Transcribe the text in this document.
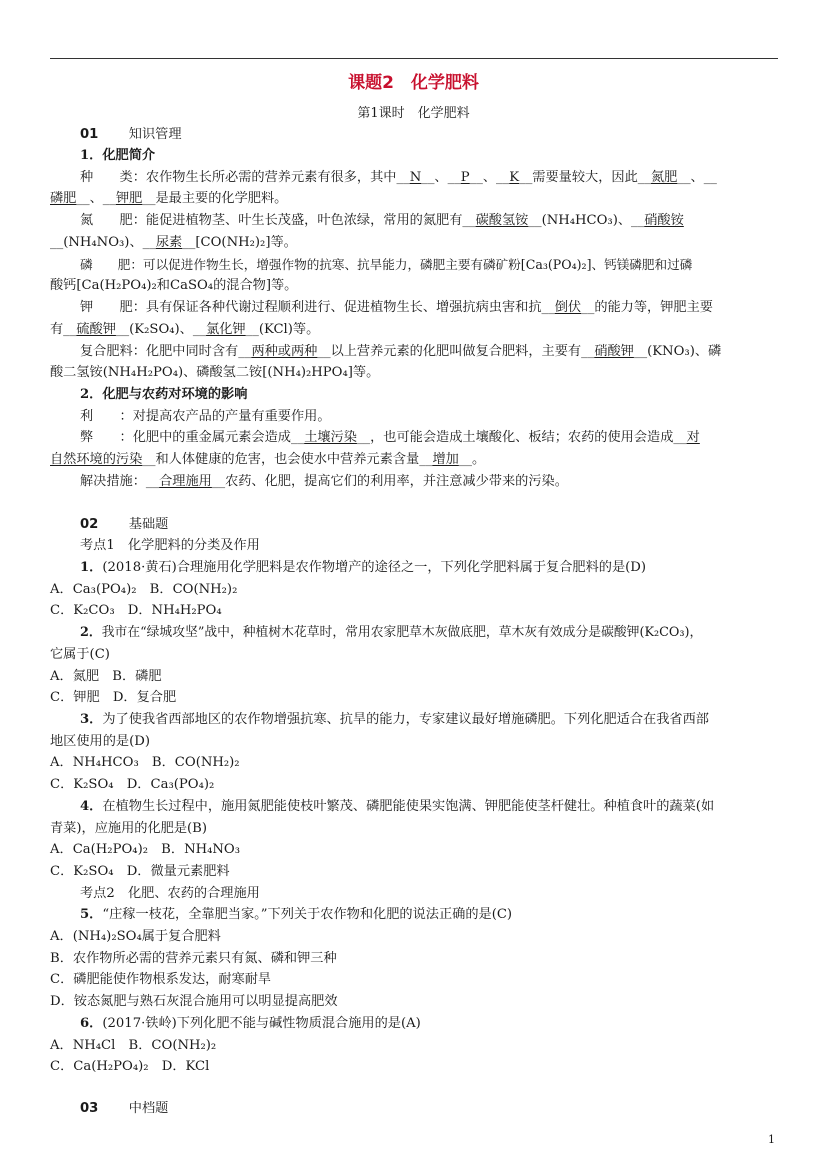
课题2　化学肥料
第1课时　化学肥料
01 知识管理
1．化肥简介
种　　类：农作物生长所必需的营养元素有很多，其中__N__、__P__、__K__需要量较大，因此__氮肥__、__
磷肥__、__钾肥__是最主要的化学肥料。
氮　　肥：能促进植物茎、叶生长茂盛，叶色浓绿，常用的氮肥有__碳酸氢铵__(NH₄HCO₃)、__硝酸铵
__(NH₄NO₃)、__尿素__[CO(NH₂)₂]等。
磷　　肥：可以促进作物生长，增强作物的抗寒、抗旱能力，磷肥主要有磷矿粉[Ca₃(PO₄)₂]、钙镁磷肥和过磷
酸钙[Ca(H₂PO₄)₂和CaSO₄的混合物]等。
钾　　肥：具有保证各种代谢过程顺利进行、促进植物生长、增强抗病虫害和抗__倒伏__的能力等，钾肥主要
有__硫酸钾__(K₂SO₄)、__氯化钾__(KCl)等。
复合肥料：化肥中同时含有__两种或两种__以上营养元素的化肥叫做复合肥料，主要有__硝酸钾__(KNO₃)、磷
酸二氢铵(NH₄H₂PO₄)、磷酸氢二铵[(NH₄)₂HPO₄]等。
2．化肥与农药对环境的影响
利　　：对提高农产品的产量有重要作用。
弊　　：化肥中的重金属元素会造成__土壤污染__，也可能会造成土壤酸化、板结；农药的使用会造成__对
自然环境的污染__和人体健康的危害，也会使水中营养元素含量__增加__。
解决措施：__合理施用__农药、化肥，提高它们的利用率，并注意减少带来的污染。
02 基础题
考点1　化学肥料的分类及作用
1．(2018·黄石)合理施用化学肥料是农作物增产的途径之一，下列化学肥料属于复合肥料的是(D)
A．Ca₃(PO₄)₂　B．CO(NH₂)₂
C．K₂CO₃　D．NH₄H₂PO₄
2．我市在“绿城攻坚”战中，种植树木花草时，常用农家肥草木灰做底肥，草木灰有效成分是碳酸钾(K₂CO₃)，
它属于(C)
A．氮肥　B．磷肥
C．钾肥　D．复合肥
3．为了使我省西部地区的农作物增强抗寒、抗旱的能力，专家建议最好增施磷肥。下列化肥适合在我省西部
地区使用的是(D)
A．NH₄HCO₃　B．CO(NH₂)₂
C．K₂SO₄　D．Ca₃(PO₄)₂
4．在植物生长过程中，施用氮肥能使枝叶繁茂、磷肥能使果实饱满、钾肥能使茎杆健壮。种植食叶的蔬菜(如
青菜)，应施用的化肥是(B)
A．Ca(H₂PO₄)₂　B．NH₄NO₃
C．K₂SO₄　D．微量元素肥料
考点2　化肥、农药的合理施用
5．“庄稼一枝花，全靠肥当家。”下列关于农作物和化肥的说法正确的是(C)
A．(NH₄)₂SO₄属于复合肥料
B．农作物所必需的营养元素只有氮、磷和钾三种
C．磷肥能使作物根系发达，耐寒耐旱
D．铵态氮肥与熟石灰混合施用可以明显提高肥效
6．(2017·铁岭)下列化肥不能与碱性物质混合施用的是(A)
A．NH₄Cl　B．CO(NH₂)₂
C．Ca(H₂PO₄)₂　D．KCl
03 中档题
1
